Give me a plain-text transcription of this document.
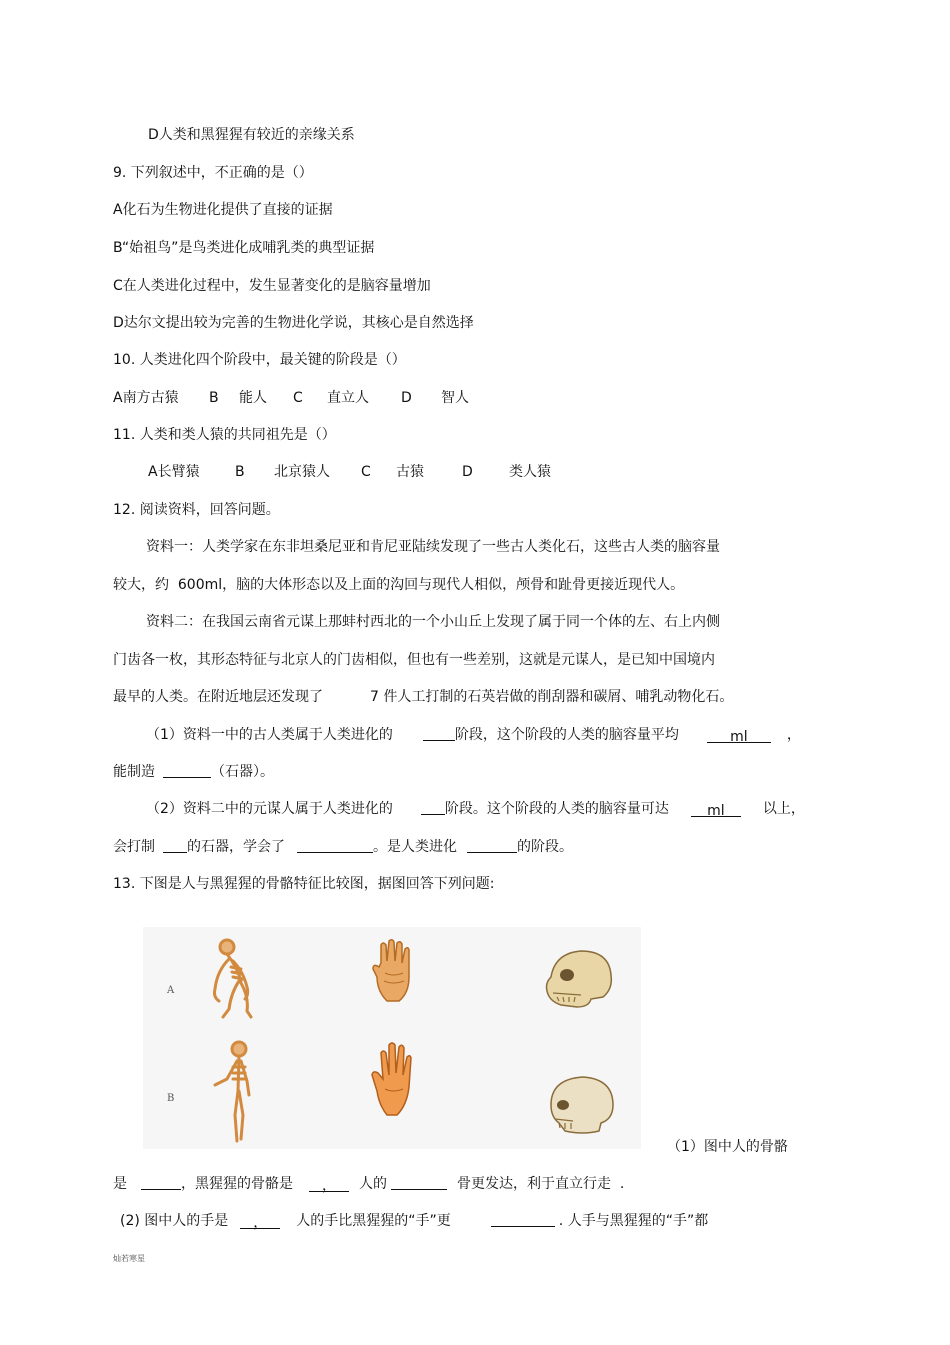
D人类和黑猩猩有较近的亲缘关系
9. 下列叙述中，不正确的是（）
A化石为生物进化提供了直接的证据
B“始祖鸟”是鸟类进化成哺乳类的典型证据
C在人类进化过程中，发生显著变化的是脑容量增加
D达尔文提出较为完善的生物进化学说，其核心是自然选择
10. 人类进化四个阶段中，最关键的阶段是（）
A南方古猿 B 能人 C 直立人 D 智人
11. 人类和类人猿的共同祖先是（）
A长臂猿	B 北京猿人 C 古猿	D	类人猿
12. 阅读资料，回答问题。
资料一：人类学家在东非坦桑尼亚和肯尼亚陆续发现了一些古人类化石，这些古人类的脑容量
较大，约  600ml，脑的大体形态以及上面的沟回与现代人相似，颅骨和趾骨更接近现代人。
资料二：在我国云南省元谋上那蚌村西北的一个小山丘上发现了属于同一个体的左、右上内侧
门齿各一枚，其形态特征与北京人的门齿相似，但也有一些差别，这就是元谋人，是已知中国境内
最早的人类。在附近地层还发现了	7 件人工打制的石英岩做的削刮器和碳屑、哺乳动物化石。
（1）资料一中的古人类属于人类进化的	阶段，这个阶段的人类的脑容量平均	ml	，
能制造	（石器）。
（2）资料二中的元谋人属于人类进化的	阶段。这个阶段的人类的脑容量可达	ml	以上，
会打制 的石器，学会了	。是人类进化	的阶段。
13. 下图是人与黑猩猩的骨骼特征比较图，据图回答下列问题:
A
B
（1）图中人的骨骼
是	，黑猩猩的骨骼是 ， 人的	骨更发达，利于直立行走  .
(2) 图中人的手是 ， 人的手比黑猩猩的“手”更	. 人手与黑猩猩的“手”都
灿若寒星
